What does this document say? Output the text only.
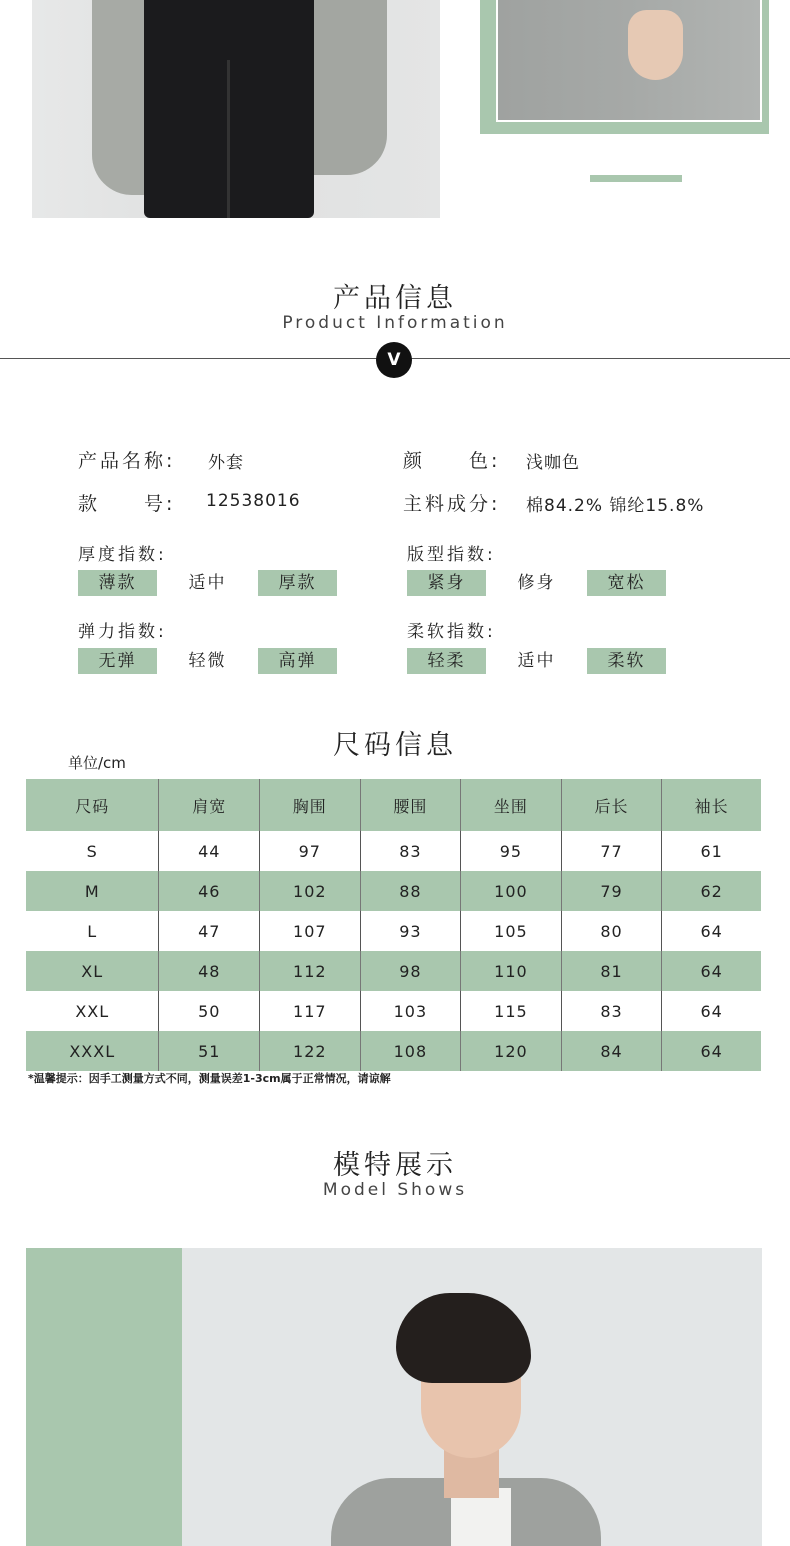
产品信息
Product Information
V
产品名称: 外套	颜　　色: 浅咖色
款　　号: 12538016	主料成分: 棉84.2% 锦纶15.8%
厚度指数:
薄款	适中	厚款
版型指数:
紧身	修身	宽松
弹力指数:
无弹	轻微	高弹
柔软指数:
轻柔	适中	柔软
尺码信息
单位/cm
尺码	肩宽	胸围	腰围	坐围	后长	袖长
S	44	97	83	95	77	61
M	46	102	88	100	79	62
L	47	107	93	105	80	64
XL	48	112	98	110	81	64
XXL	50	117	103	115	83	64
XXXL	51	122	108	120	84	64
*温馨提示：因手工测量方式不同，测量误差1-3cm属于正常情况，请谅解
模特展示
Model Shows
